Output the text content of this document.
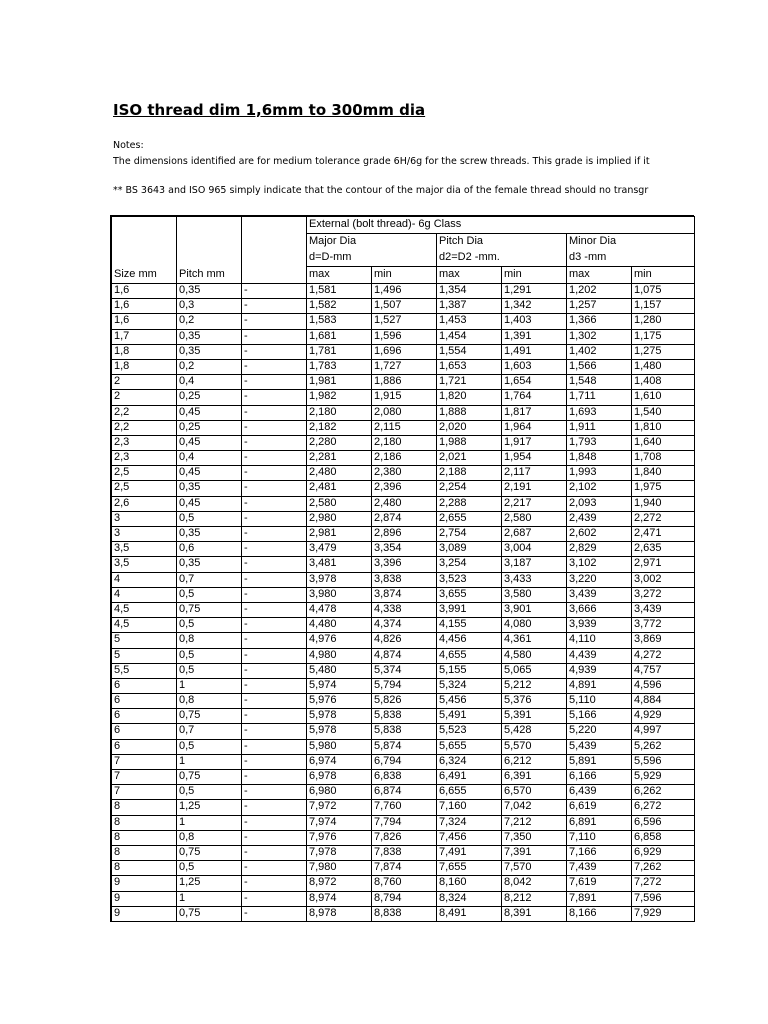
ISO thread dim 1,6mm to 300mm dia
Notes:
The dimensions identified are for medium tolerance grade 6H/6g for the screw threads. This grade is implied if it
** BS 3643 and ISO 965 simply indicate that the contour of the major dia of the female thread should no transgr
			External (bolt thread)- 6g Class					
			Major Dia		Pitch Dia		Minor Dia	
			d=D-mm		d2=D2 -mm.		d3 -mm	
Size mm	Pitch mm		max	min	max	min	max	min
1,6	0,35	-	1,581	1,496	1,354	1,291	1,202	1,075
1,6	0,3	-	1,582	1,507	1,387	1,342	1,257	1,157
1,6	0,2	-	1,583	1,527	1,453	1,403	1,366	1,280
1,7	0,35	-	1,681	1,596	1,454	1,391	1,302	1,175
1,8	0,35	-	1,781	1,696	1,554	1,491	1,402	1,275
1,8	0,2	-	1,783	1,727	1,653	1,603	1,566	1,480
2	0,4	-	1,981	1,886	1,721	1,654	1,548	1,408
2	0,25	-	1,982	1,915	1,820	1,764	1,711	1,610
2,2	0,45	-	2,180	2,080	1,888	1,817	1,693	1,540
2,2	0,25	-	2,182	2,115	2,020	1,964	1,911	1,810
2,3	0,45	-	2,280	2,180	1,988	1,917	1,793	1,640
2,3	0,4	-	2,281	2,186	2,021	1,954	1,848	1,708
2,5	0,45	-	2,480	2,380	2,188	2,117	1,993	1,840
2,5	0,35	-	2,481	2,396	2,254	2,191	2,102	1,975
2,6	0,45	-	2,580	2,480	2,288	2,217	2,093	1,940
3	0,5	-	2,980	2,874	2,655	2,580	2,439	2,272
3	0,35	-	2,981	2,896	2,754	2,687	2,602	2,471
3,5	0,6	-	3,479	3,354	3,089	3,004	2,829	2,635
3,5	0,35	-	3,481	3,396	3,254	3,187	3,102	2,971
4	0,7	-	3,978	3,838	3,523	3,433	3,220	3,002
4	0,5	-	3,980	3,874	3,655	3,580	3,439	3,272
4,5	0,75	-	4,478	4,338	3,991	3,901	3,666	3,439
4,5	0,5	-	4,480	4,374	4,155	4,080	3,939	3,772
5	0,8	-	4,976	4,826	4,456	4,361	4,110	3,869
5	0,5	-	4,980	4,874	4,655	4,580	4,439	4,272
5,5	0,5	-	5,480	5,374	5,155	5,065	4,939	4,757
6	1	-	5,974	5,794	5,324	5,212	4,891	4,596
6	0,8	-	5,976	5,826	5,456	5,376	5,110	4,884
6	0,75	-	5,978	5,838	5,491	5,391	5,166	4,929
6	0,7	-	5,978	5,838	5,523	5,428	5,220	4,997
6	0,5	-	5,980	5,874	5,655	5,570	5,439	5,262
7	1	-	6,974	6,794	6,324	6,212	5,891	5,596
7	0,75	-	6,978	6,838	6,491	6,391	6,166	5,929
7	0,5	-	6,980	6,874	6,655	6,570	6,439	6,262
8	1,25	-	7,972	7,760	7,160	7,042	6,619	6,272
8	1	-	7,974	7,794	7,324	7,212	6,891	6,596
8	0,8	-	7,976	7,826	7,456	7,350	7,110	6,858
8	0,75	-	7,978	7,838	7,491	7,391	7,166	6,929
8	0,5	-	7,980	7,874	7,655	7,570	7,439	7,262
9	1,25	-	8,972	8,760	8,160	8,042	7,619	7,272
9	1	-	8,974	8,794	8,324	8,212	7,891	7,596
9	0,75	-	8,978	8,838	8,491	8,391	8,166	7,929
